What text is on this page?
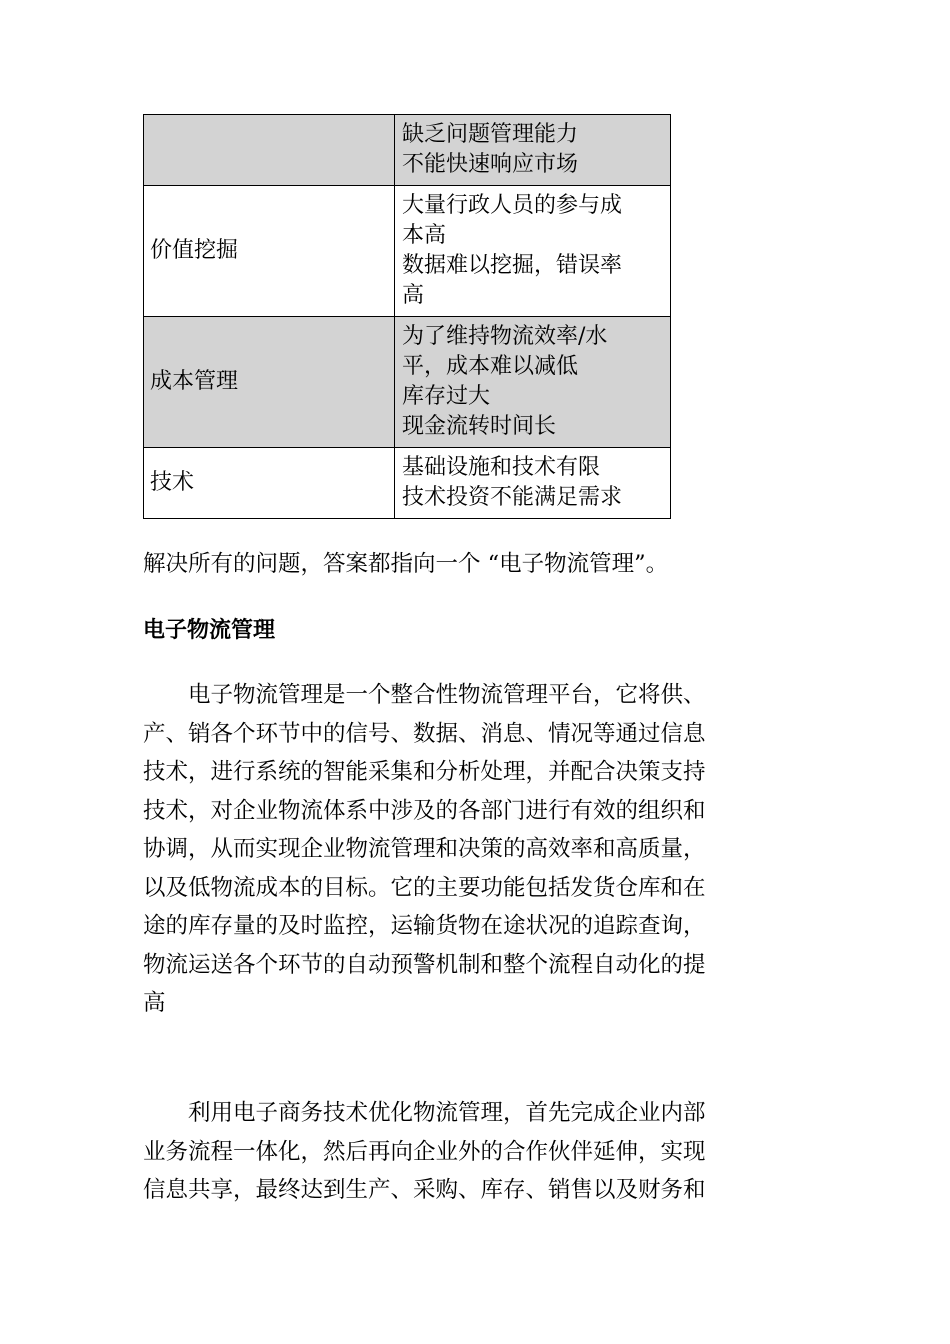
	缺乏问题管理能力
不能快速响应市场

价值挖掘	大量行政人员的参与成
本高
数据难以挖掘，错误率
高

成本管理	为了维持物流效率/水
平，成本难以减低
库存过大
现金流转时间长

技术	基础设施和技术有限
技术投资不能满足需求

解决所有的问题，答案都指向一个 “电子物流管理”。

电子物流管理
　　电子物流管理是一个整合性物流管理平台，它将供、
产、销各个环节中的信号、数据、消息、情况等通过信息
技术，进行系统的智能采集和分析处理，并配合决策支持
技术，对企业物流体系中涉及的各部门进行有效的组织和
协调，从而实现企业物流管理和决策的高效率和高质量，
以及低物流成本的目标。它的主要功能包括发货仓库和在
途的库存量的及时监控，运输货物在途状况的追踪查询，
物流运送各个环节的自动预警机制和整个流程自动化的提
高
　　利用电子商务技术优化物流管理，首先完成企业内部
业务流程一体化，然后再向企业外的合作伙伴延伸，实现
信息共享，最终达到生产、采购、库存、销售以及财务和
